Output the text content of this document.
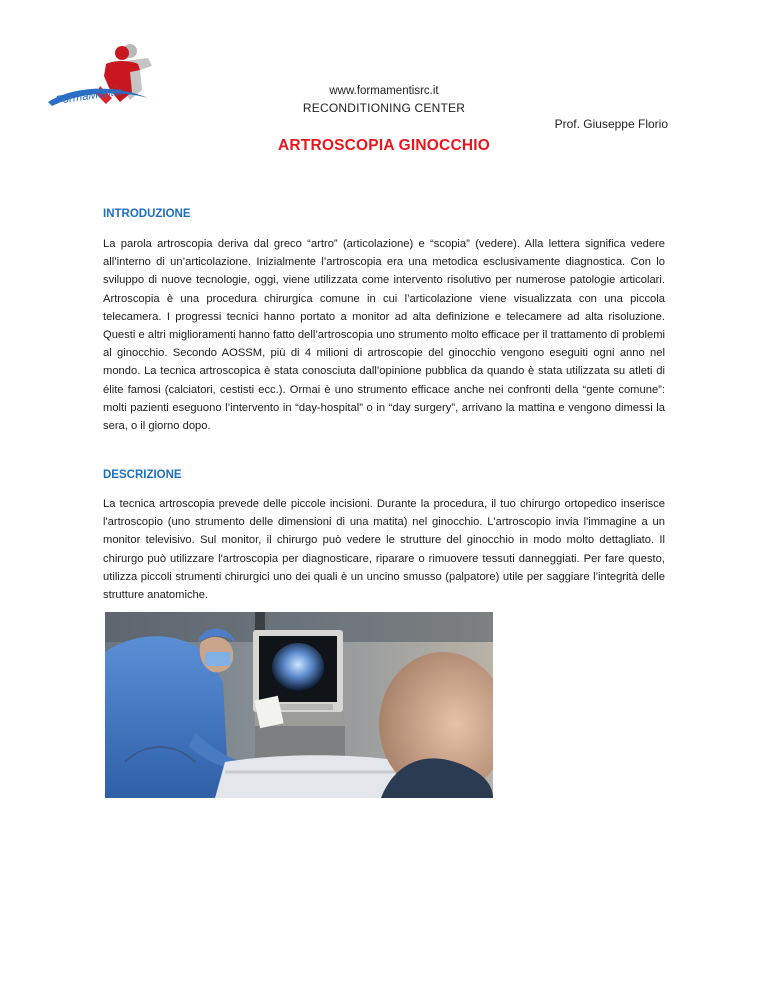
FormaMentis	www.formamentisrc.it
RECONDITIONING CENTER
Prof. Giuseppe Florio
ARTROSCOPIA GINOCCHIO
INTRODUZIONE

La parola artroscopia deriva dal greco “artro” (articolazione) e “scopia” (vedere). Alla lettera significa vedere all’interno di un’articolazione. Inizialmente l’artroscopia era una metodica esclusivamente diagnostica. Con lo sviluppo di nuove tecnologie, oggi, viene utilizzata come intervento risolutivo per numerose patologie articolari. Artroscopia è una procedura chirurgica comune in cui l’articolazione viene visualizzata con una piccola telecamera. I progressi tecnici hanno portato a monitor ad alta definizione e telecamere ad alta risoluzione. Questi e altri miglioramenti hanno fatto dell’artroscopia uno strumento molto efficace per il trattamento di problemi al ginocchio. Secondo AOSSM, più di 4 milioni di artroscopie del ginocchio vengono eseguiti ogni anno nel mondo. La tecnica artroscopica è stata conosciuta dall’opinione pubblica da quando è stata utilizzata su atleti di élite famosi (calciatori, cestisti ecc.). Ormai è uno strumento efficace anche nei confronti della “gente comune”: molti pazienti eseguono l’intervento in “day-hospital” o in “day surgery”, arrivano la mattina e vengono dimessi la sera, o il giorno dopo.

DESCRIZIONE

La tecnica artroscopia prevede delle piccole incisioni. Durante la procedura, il tuo chirurgo ortopedico inserisce l'artroscopio (uno strumento delle dimensioni di una matita) nel ginocchio. L'artroscopio invia l'immagine a un monitor televisivo. Sul monitor, il chirurgo può vedere le strutture del ginocchio in modo molto dettagliato. Il chirurgo può utilizzare l'artroscopia per diagnosticare, riparare o rimuovere tessuti danneggiati. Per fare questo, utilizza piccoli strumenti chirurgici uno dei quali è un uncino smusso (palpatore) utile per saggiare l’integrità delle strutture anatomiche.
